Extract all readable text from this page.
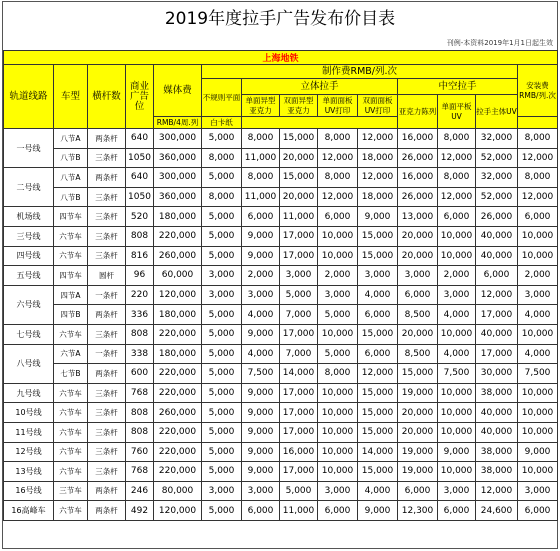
2019年度拉手广告发布价目表
刊例-本资料2019年1月1日起生效
上海地铁													
轨道线路	车型	横杆数	商业广告位	媒体费	制作费RMB/列.次								安装费RMB/列.次
					不规则平面	立体拉手				中空拉手			
						单面异型亚克力	双面异型亚克力	单面面板UV打印	双面面板UV打印	亚克力陈列	单面平板UV	拉手主体UV	
				RMB/4周.列	白卡纸								
一号线	八节A	两条杆	640	300,000	5,000	8,000	15,000	8,000	12,000	16,000	8,000	32,000	8,000
	八节B	三条杆	1050	360,000	8,000	11,000	20,000	12,000	18,000	26,000	12,000	52,000	12,000
二号线	八节A	两条杆	640	300,000	5,000	8,000	15,000	8,000	12,000	16,000	8,000	32,000	8,000
	八节B	三条杆	1050	360,000	8,000	11,000	20,000	12,000	18,000	26,000	12,000	52,000	12,000
机场线	四节车	三条杆	520	180,000	5,000	6,000	11,000	6,000	9,000	13,000	6,000	26,000	6,000
三号线	六节车	三条杆	808	220,000	5,000	9,000	17,000	10,000	15,000	20,000	10,000	40,000	10,000
四号线	六节车	三条杆	816	260,000	5,000	9,000	17,000	10,000	15,000	20,000	10,000	40,000	10,000
五号线	四节车	圆杆	96	60,000	3,000	2,000	3,000	2,000	3,000	3,000	2,000	6,000	2,000
六号线	四节A	一条杆	220	120,000	3,000	3,000	5,000	3,000	4,000	6,000	3,000	12,000	3,000
	四节B	两条杆	336	180,000	5,000	4,000	7,000	5,000	6,000	8,500	4,000	17,000	4,000
七号线	六节车	三条杆	808	220,000	5,000	9,000	17,000	10,000	15,000	20,000	10,000	40,000	10,000
八号线	六节A	一条杆	338	180,000	5,000	4,000	7,000	5,000	6,000	8,500	4,000	17,000	4,000
	七节B	两条杆	600	220,000	5,000	7,500	14,000	8,000	12,000	15,000	7,500	30,000	7,500
九号线	六节车	三条杆	768	220,000	5,000	9,000	17,000	10,000	15,000	19,000	10,000	38,000	10,000
10号线	六节车	三条杆	808	260,000	5,000	9,000	17,000	10,000	15,000	20,000	10,000	40,000	10,000
11号线	六节车	三条杆	808	220,000	5,000	9,000	17,000	10,000	15,000	20,000	10,000	40,000	10,000
12号线	六节车	三条杆	760	220,000	5,000	9,000	16,000	10,000	14,000	19,000	9,000	38,000	9,000
13号线	六节车	三条杆	768	220,000	5,000	9,000	17,000	10,000	15,000	19,000	10,000	38,000	10,000
16号线	三节车	两条杆	246	80,000	3,000	3,000	5,000	3,000	4,000	6,000	3,000	12,000	3,000
16高峰车	六节车	两条杆	492	120,000	5,000	6,000	11,000	6,000	9,000	12,300	6,000	24,600	6,000
